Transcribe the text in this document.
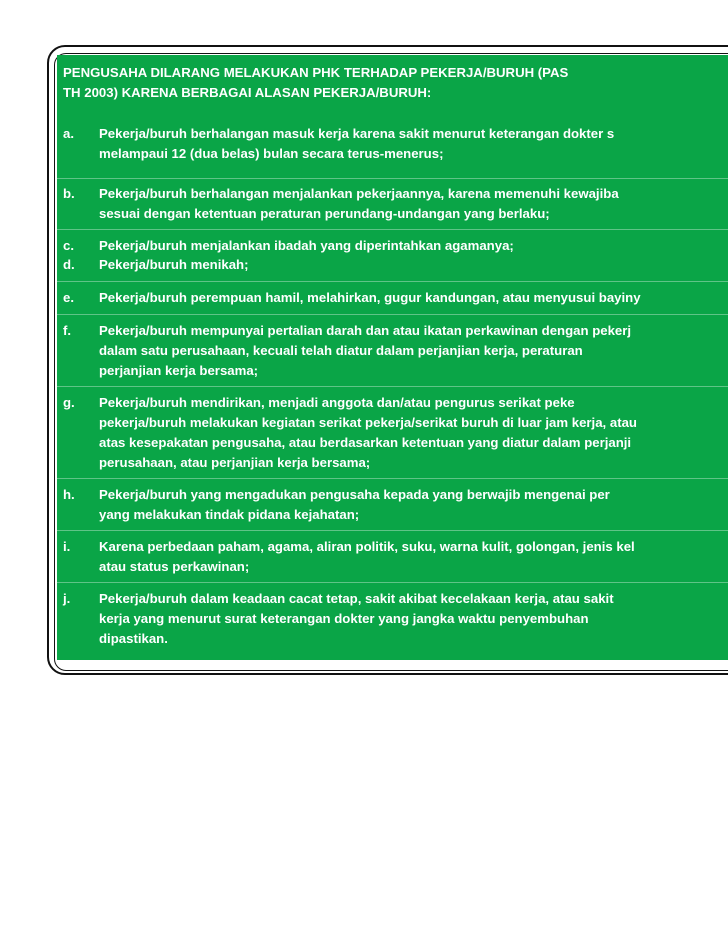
PENGUSAHA DILARANG MELAKUKAN PHK TERHADAP PEKERJA/BURUH (PAS
TH 2003) KARENA BERBAGAI ALASAN PEKERJA/BURUH:
a. Pekerja/buruh berhalangan masuk kerja karena sakit menurut keterangan dokter s
melampaui 12 (dua belas) bulan secara terus-menerus;
b. Pekerja/buruh berhalangan menjalankan pekerjaannya, karena memenuhi kewajiba
sesuai dengan ketentuan peraturan perundang-undangan yang berlaku;
c. Pekerja/buruh menjalankan ibadah yang diperintahkan agamanya;
d. Pekerja/buruh menikah;
e. Pekerja/buruh perempuan hamil, melahirkan, gugur kandungan, atau menyusui bayiny
f. Pekerja/buruh mempunyai pertalian darah dan atau ikatan perkawinan dengan pekerj
dalam satu perusahaan, kecuali telah diatur dalam perjanjian kerja, peraturan
perjanjian kerja bersama;
g. Pekerja/buruh mendirikan, menjadi anggota dan/atau pengurus serikat peke
pekerja/buruh melakukan kegiatan serikat pekerja/serikat buruh di luar jam kerja, atau
atas kesepakatan pengusaha, atau berdasarkan ketentuan yang diatur dalam perjanji
perusahaan, atau perjanjian kerja bersama;
h. Pekerja/buruh yang mengadukan pengusaha kepada yang berwajib mengenai per
yang melakukan tindak pidana kejahatan;
i. Karena perbedaan paham, agama, aliran politik, suku, warna kulit, golongan, jenis kel
atau status perkawinan;
j. Pekerja/buruh dalam keadaan cacat tetap, sakit akibat kecelakaan kerja, atau sakit
kerja yang menurut surat keterangan dokter yang jangka waktu penyembuhan
dipastikan.
